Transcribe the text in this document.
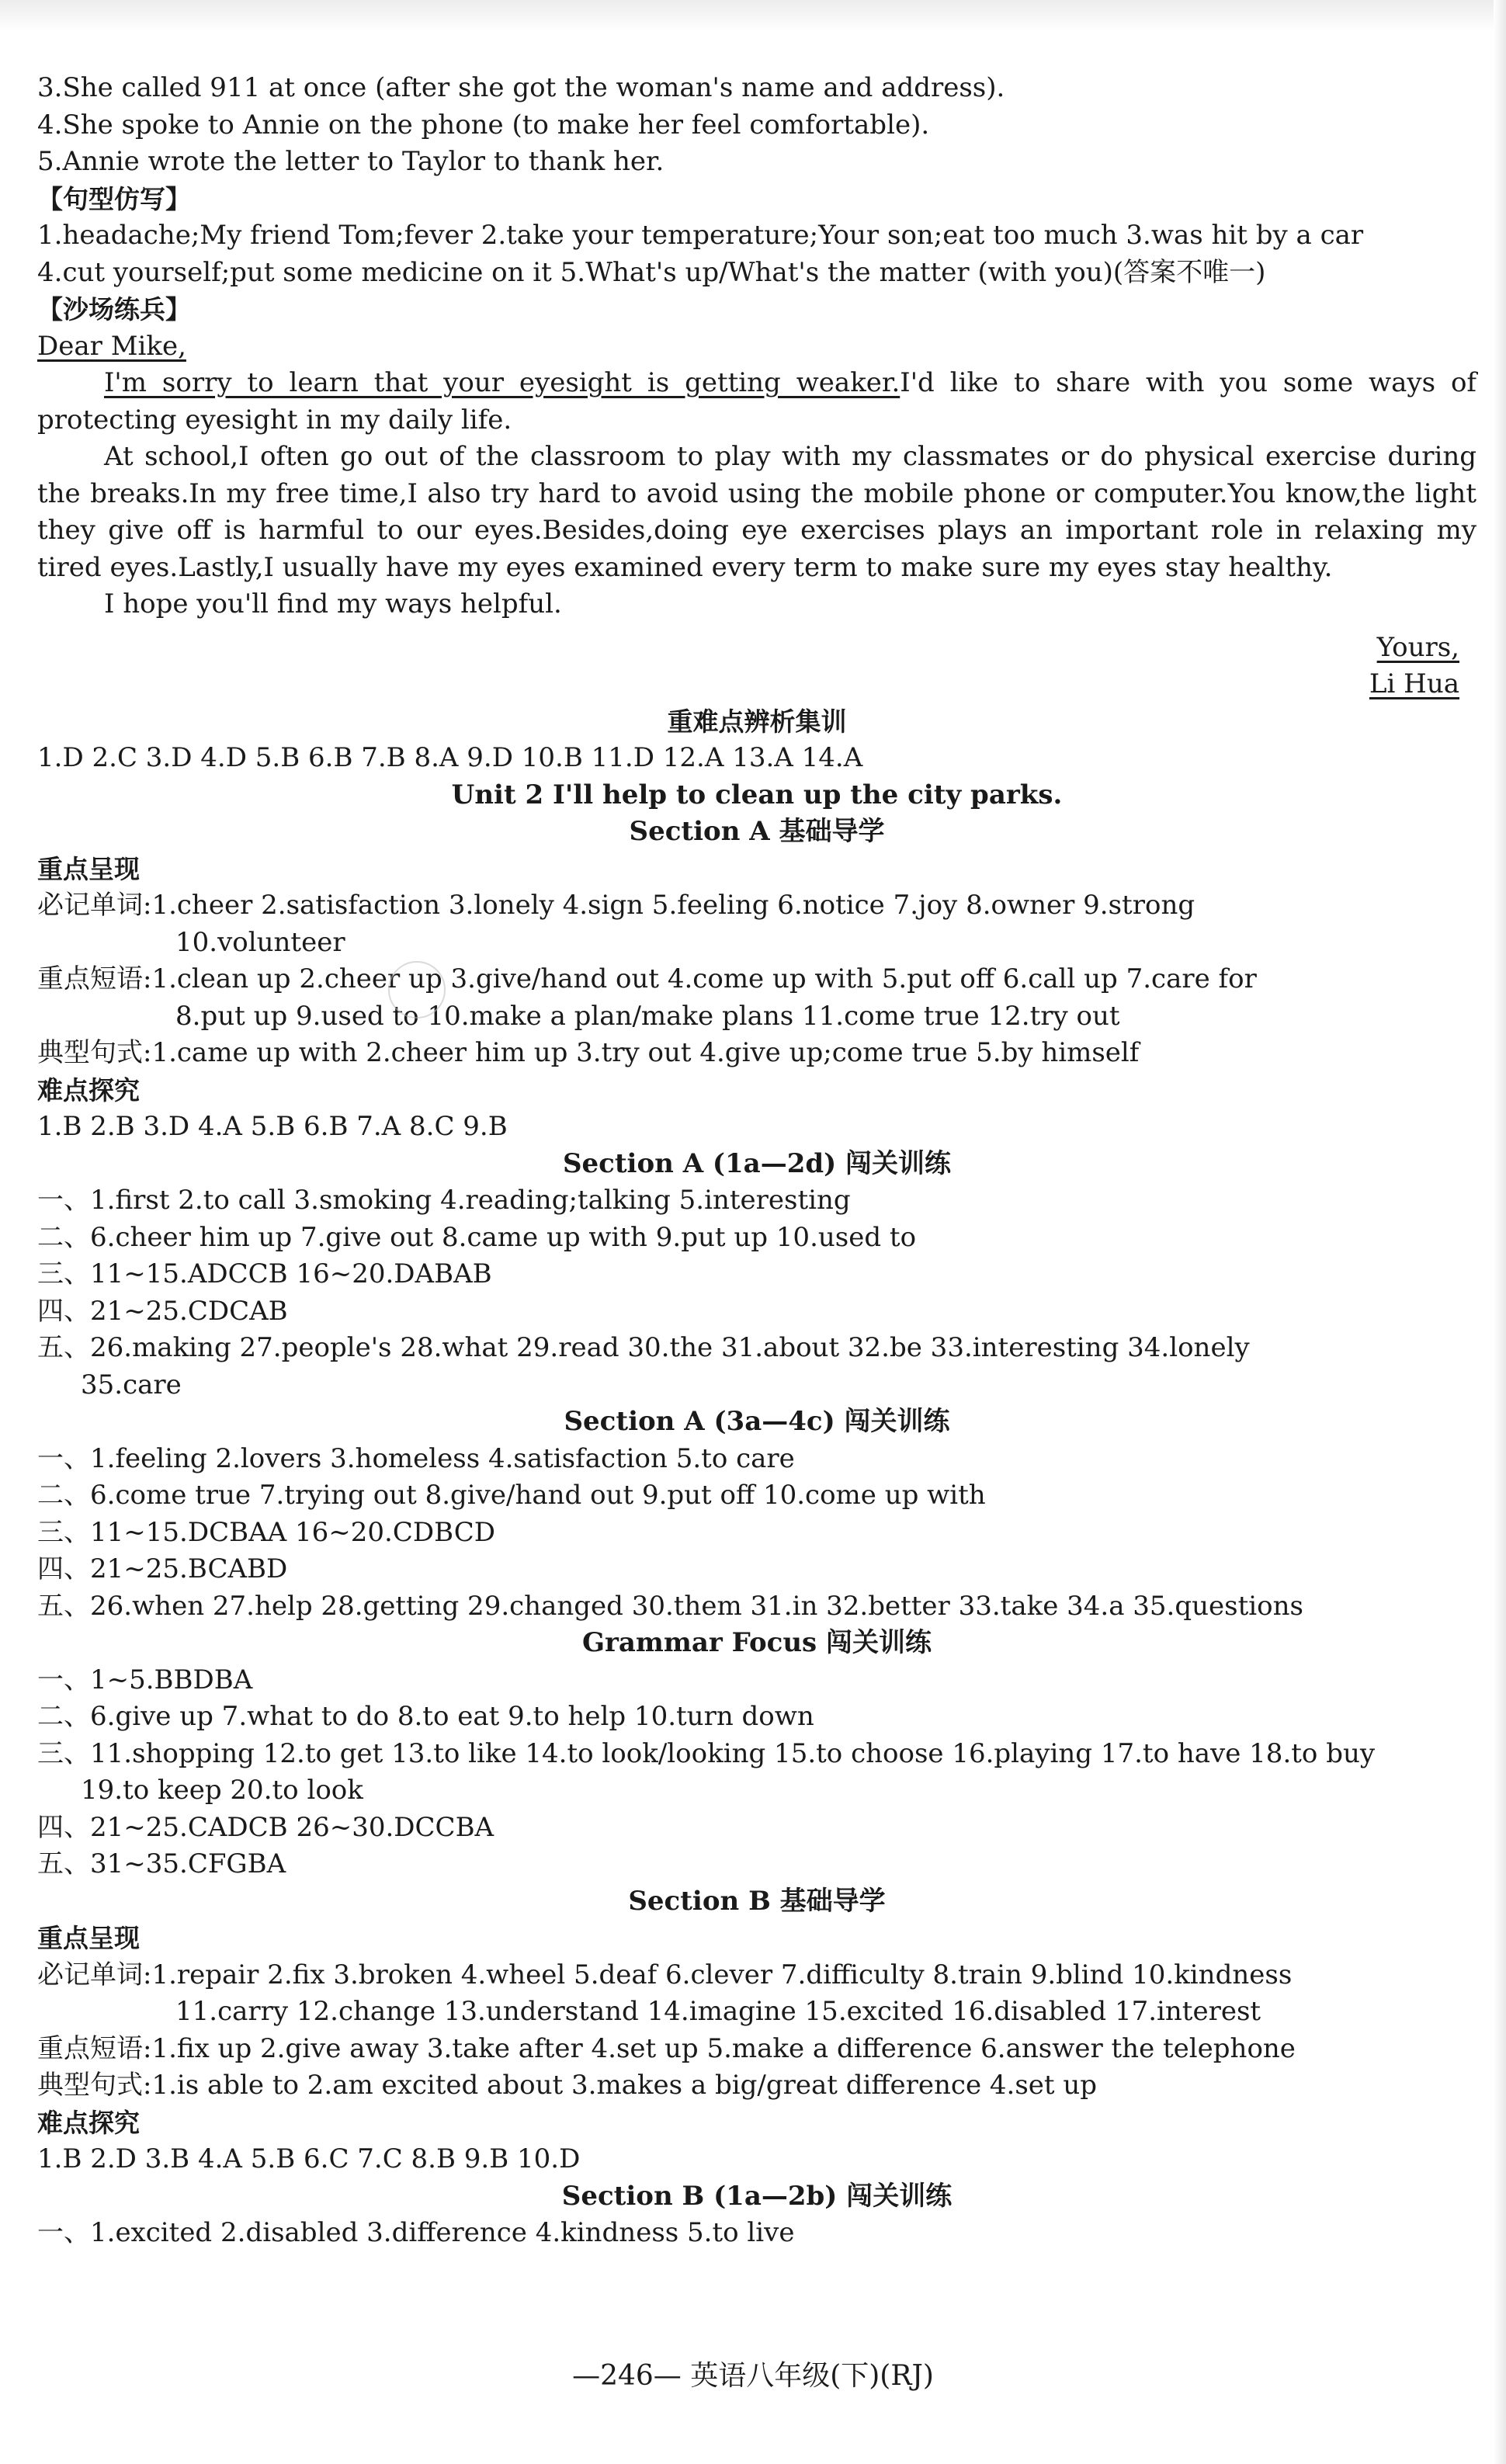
3.She called 911 at once (after she got the woman's name and address).
4.She spoke to Annie on the phone (to make her feel comfortable).
5.Annie wrote the letter to Taylor to thank her.
【句型仿写】
1.headache;My friend Tom;fever 2.take your temperature;Your son;eat too much 3.was hit by a car
4.cut yourself;put some medicine on it 5.What's up/What's the matter (with you)(答案不唯一)
【沙场练兵】
Dear Mike,
I'm sorry to learn that your eyesight is getting weaker.I'd like to share with you some ways of protecting eyesight in my daily life.
At school,I often go out of the classroom to play with my classmates or do physical exercise during the breaks.In my free time,I also try hard to avoid using the mobile phone or computer.You know,the light they give off is harmful to our eyes.Besides,doing eye exercises plays an important role in relaxing my tired eyes.Lastly,I usually have my eyes examined every term to make sure my eyes stay healthy.
I hope you'll find my ways helpful.
Yours,
Li Hua
重难点辨析集训
1.D 2.C 3.D 4.D 5.B 6.B 7.B 8.A 9.D 10.B 11.D 12.A 13.A 14.A
Unit 2 I'll help to clean up the city parks.
Section A 基础导学
重点呈现
必记单词:1.cheer 2.satisfaction 3.lonely 4.sign 5.feeling 6.notice 7.joy 8.owner 9.strong
10.volunteer
重点短语:1.clean up 2.cheer up 3.give/hand out 4.come up with 5.put off 6.call up 7.care for
8.put up 9.used to 10.make a plan/make plans 11.come true 12.try out
典型句式:1.came up with 2.cheer him up 3.try out 4.give up;come true 5.by himself
难点探究
1.B 2.B 3.D 4.A 5.B 6.B 7.A 8.C 9.B
Section A (1a—2d) 闯关训练
一、1.first 2.to call 3.smoking 4.reading;talking 5.interesting
二、6.cheer him up 7.give out 8.came up with 9.put up 10.used to
三、11~15.ADCCB 16~20.DABAB
四、21~25.CDCAB
五、26.making 27.people's 28.what 29.read 30.the 31.about 32.be 33.interesting 34.lonely
35.care
Section A (3a—4c) 闯关训练
一、1.feeling 2.lovers 3.homeless 4.satisfaction 5.to care
二、6.come true 7.trying out 8.give/hand out 9.put off 10.come up with
三、11~15.DCBAA 16~20.CDBCD
四、21~25.BCABD
五、26.when 27.help 28.getting 29.changed 30.them 31.in 32.better 33.take 34.a 35.questions
Grammar Focus 闯关训练
一、1~5.BBDBA
二、6.give up 7.what to do 8.to eat 9.to help 10.turn down
三、11.shopping 12.to get 13.to like 14.to look/looking 15.to choose 16.playing 17.to have 18.to buy
19.to keep 20.to look
四、21~25.CADCB 26~30.DCCBA
五、31~35.CFGBA
Section B 基础导学
重点呈现
必记单词:1.repair 2.fix 3.broken 4.wheel 5.deaf 6.clever 7.difficulty 8.train 9.blind 10.kindness
11.carry 12.change 13.understand 14.imagine 15.excited 16.disabled 17.interest
重点短语:1.fix up 2.give away 3.take after 4.set up 5.make a difference 6.answer the telephone
典型句式:1.is able to 2.am excited about 3.makes a big/great difference 4.set up
难点探究
1.B 2.D 3.B 4.A 5.B 6.C 7.C 8.B 9.B 10.D
Section B (1a—2b) 闯关训练
一、1.excited 2.disabled 3.difference 4.kindness 5.to live
—246— 英语八年级(下)(RJ)
